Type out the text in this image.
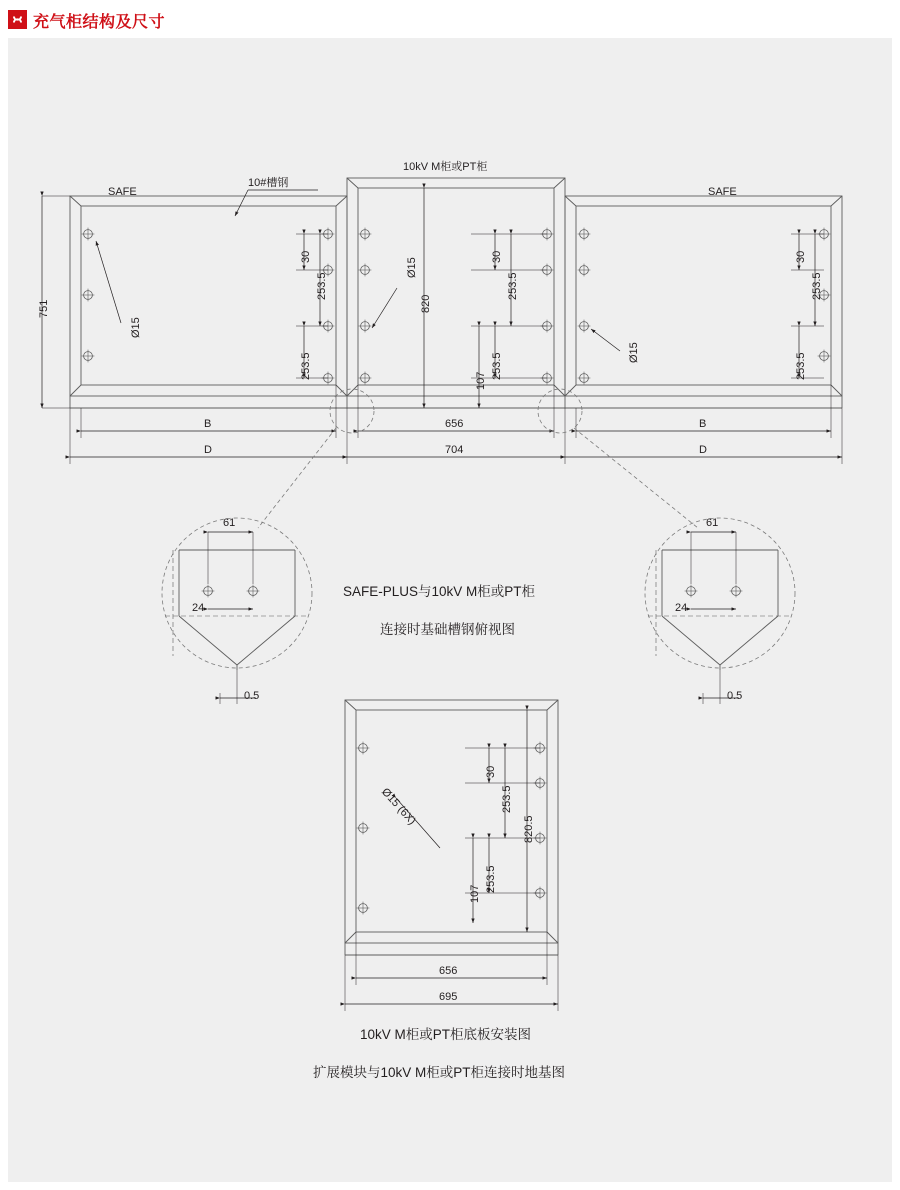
充气柜结构及尺寸
SAFE	SAFE
10#槽钢
10kV M柜或PT柜
751	820
Ø15
Ø15
Ø15
30
253.5
253.5
30
253.5
107
253.5
30
253.5
253.5
B	B
656
D	D
704
61
24
0.5
61
24
0.5
SAFE-PLUS与10kV M柜或PT柜
连接时基础槽钢俯视图
Ø15 (6X)
30
253.5
107
253.5
820.5
656
695
10kV M柜或PT柜底板安装图
扩展模块与10kV M柜或PT柜连接时地基图
